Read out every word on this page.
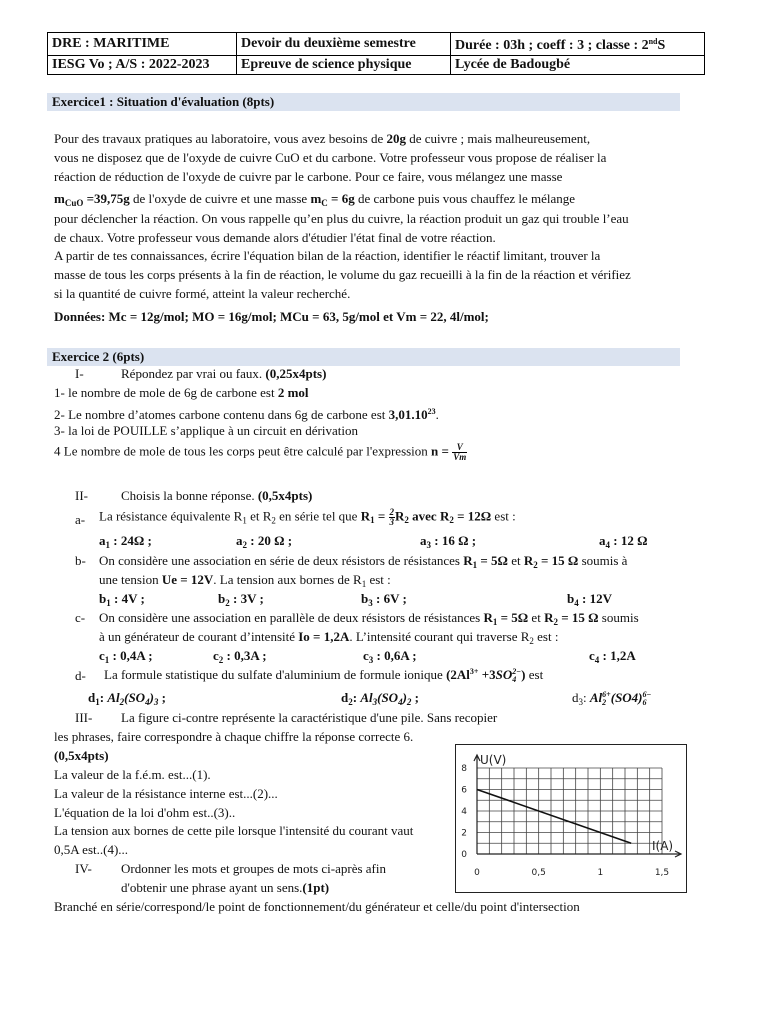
DRE : MARITIME	Devoir du deuxième semestre	Durée : 03h ; coeff : 3 ; classe : 2ndS
IESG Vo ; A/S : 2022-2023	Epreuve de science physique	Lycée de Badougbé
Exercice1 : Situation d'évaluation (8pts)
Pour des travaux pratiques au laboratoire, vous avez besoins de 20g de cuivre ; mais malheureusement,
vous ne disposez que de l'oxyde de cuivre CuO et du carbone. Votre professeur vous propose de réaliser la
réaction de réduction de l'oxyde de cuivre par le carbone. Pour ce faire, vous mélangez une masse
$m_{CuO} =39,75g$ de l'oxyde de cuivre et une masse $m_C = 6g$ de carbone puis vous chauffez le mélange
pour déclencher la réaction. On vous rappelle qu’en plus du cuivre, la réaction produit un gaz qui trouble l’eau
de chaux. Votre professeur vous demande alors d'étudier l'état final de votre réaction.
A partir de tes connaissances, écrire l'équation bilan de la réaction, identifier le réactif limitant, trouver la
masse de tous les corps présents à la fin de réaction, le volume du gaz recueilli à la fin de la réaction et vérifiez
si la quantité de cuivre formé, atteint la valeur recherché.
Données: Mc = 12g/mol; MO = 16g/mol; MCu = 63, 5g/mol et Vm = 22, 4l/mol;
Exercice 2 (6pts)
I-	Répondez par vrai ou faux. (0,25x4pts)
1- le nombre de mole de 6g de carbone est 2 mol
2- Le nombre d’atomes carbone contenu dans 6g de carbone est 3,01.10$^{23}$.
3- la loi de POUILLE s’applique à un circuit en dérivation
4 Le nombre de mole de tous les corps peut être calculé par l'expression $n = \frac{V}{Vm}$
II-	Choisis la bonne réponse. (0,5x4pts)
a- La résistance équivalente $R_1$ et $R_2$ en série tel que $R_1 = \frac{2}{3} R_2$ avec $R_2 = 12\Omega$ est :
$a_1$ : 24Ω ;	$a_2$ : 20 Ω ;	$a_3$ : 16 Ω ;	$a_4$ : 12 Ω
b- On considère une association en série de deux résistors de résistances $R_1 = 5\Omega$ et $R_2 = 15$ Ω soumis à
une tension Ue = 12V. La tension aux bornes de $R_1$ est :
$b_1$ : 4V ;	$b_2$ : 3V ;	$b_3$ : 6V ;	$b_4$ : 12V
c- On considère une association en parallèle de deux résistors de résistances $R_1 = 5\Omega$ et $R_2 = 15$ Ω soumis
à un générateur de courant d’intensité Io = 1,2A. L’intensité courant qui traverse $R_2$ est :
$c_1$ : 0,4A ;	$c_2$ : 0,3A ;	$c_3$ : 0,6A ;	$c_4$ : 1,2A
d- La formule statistique du sulfate d'aluminium de formule ionique ($2Al^{3+} +3SO$ 2−
4 ) est
$d_1$: $Al_2(SO_4)_3$ ;	$d_2$: $Al_3(SO_4)_2$ ;	$d_3$: Al 6+
2 (SO4) 6−
6
III- La figure ci-contre représente la caractéristique d'une pile. Sans recopier
les phrases, faire correspondre à chaque chiffre la réponse correcte 6.
(0,5x4pts)
La valeur de la f.é.m. est...(1).
La valeur de la résistance interne est...(2)...
L'équation de la loi d'ohm est..(3)..
La tension aux bornes de cette pile lorsque l'intensité du courant vaut
0,5A est..(4)...
IV- Ordonner les mots et groupes de mots ci-après afin
d'obtenir une phrase ayant un sens.(1pt)
Branché en série/correspond/le point de fonctionnement/du générateur et celle/du point d'intersection
0
2
4
6
8
0	0,5	1	1,5
U(V)
I(A)
